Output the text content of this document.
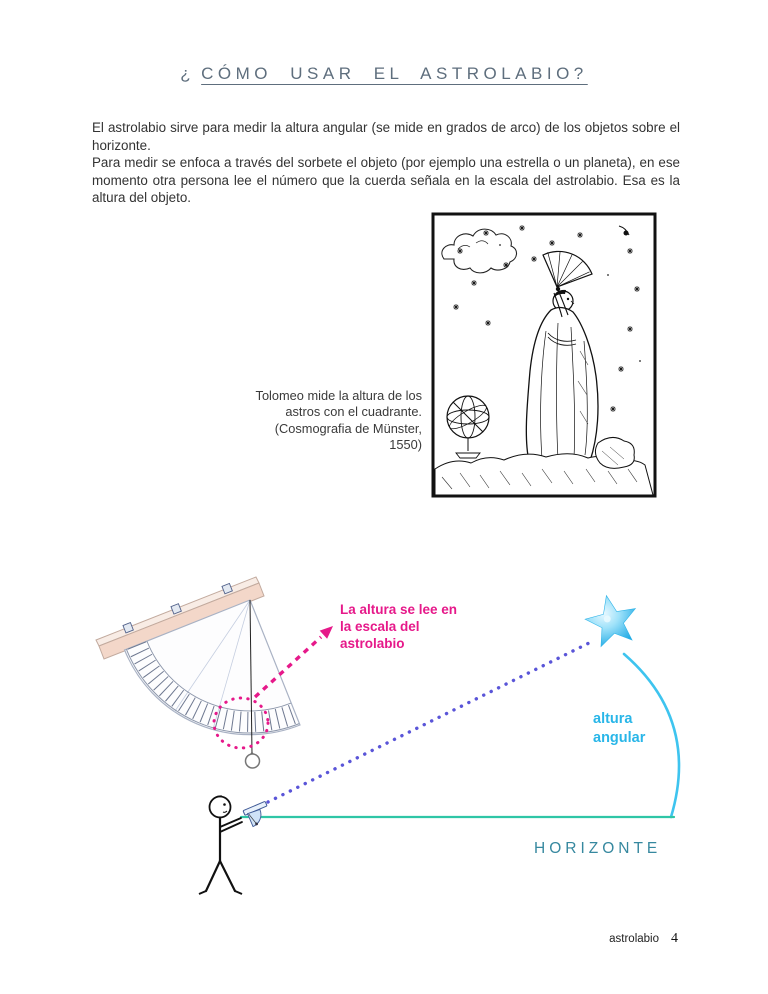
¿ CÓMO USAR EL ASTROLABIO?

El astrolabio sirve para medir la altura angular (se mide en grados de arco) de los objetos sobre el horizonte.

Para medir se enfoca a través del sorbete el objeto (por ejemplo una estrella o un planeta), en ese momento otra persona lee el número que la cuerda señala en la escala del astrolabio. Esa es la altura del objeto.

Tolomeo mide la altura de los astros con el cuadrante. (Cosmografia de Münster, 1550)
La altura se lee en la escala del astrolabio
altura angular
HORIZONTE
astrolabio 4
